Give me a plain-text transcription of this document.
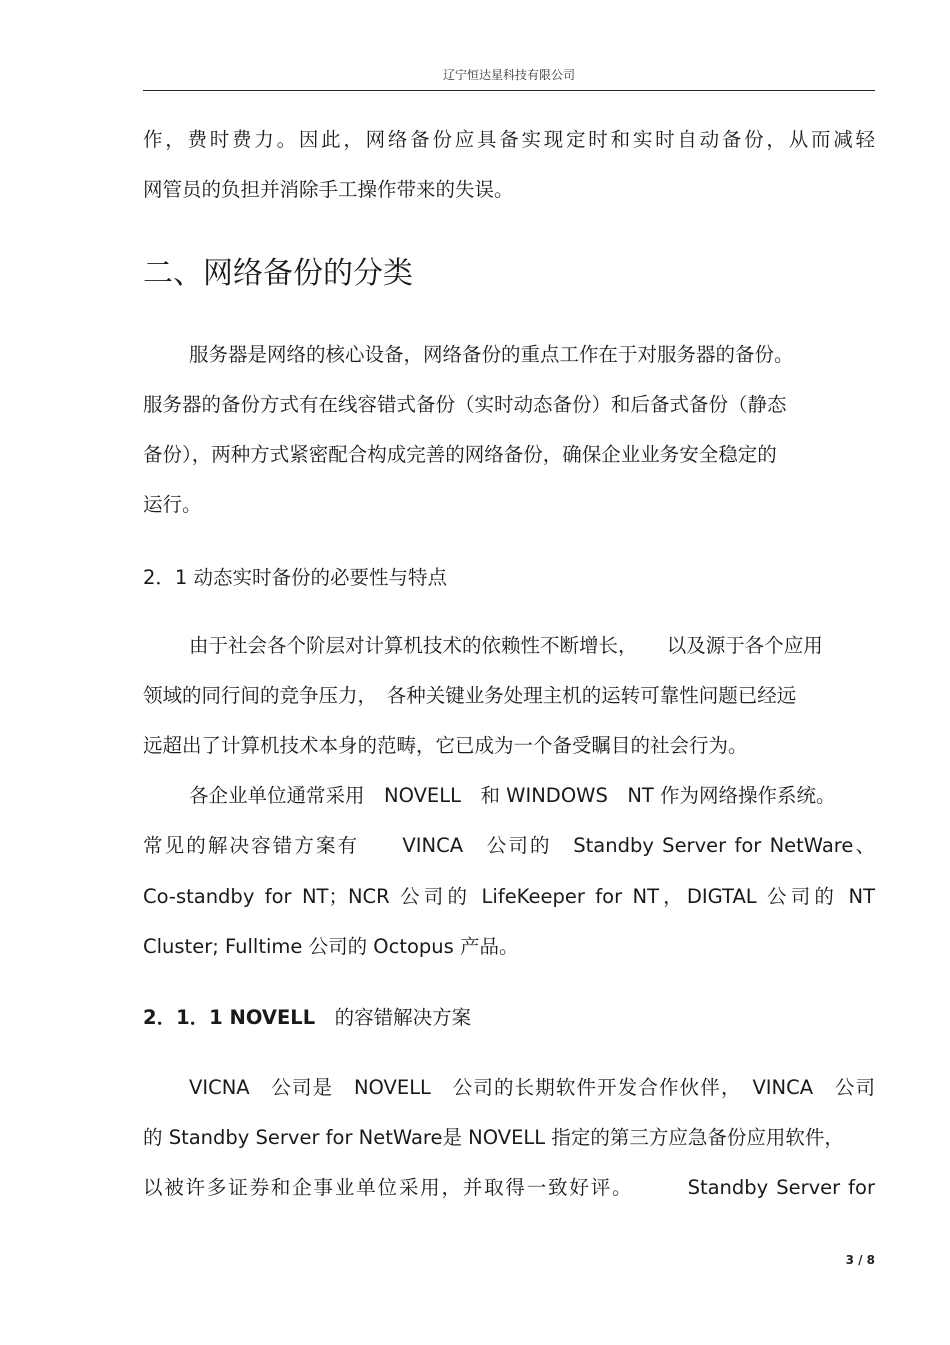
辽宁恒达星科技有限公司
作，费时费力。因此，网络备份应具备实现定时和实时自动备份，从而减轻
网管员的负担并消除手工操作带来的失误。
二、网络备份的分类
服务器是网络的核心设备，网络备份的重点工作在于对服务器的备份。
服务器的备份方式有在线容错式备份（实时动态备份）和后备式备份（静态
备份），两种方式紧密配合构成完善的网络备份，确保企业业务安全稳定的
运行。
2．1 动态实时备份的必要性与特点
由于社会各个阶层对计算机技术的依赖性不断增长，　　以及源于各个应用
领域的同行间的竞争压力，　各种关键业务处理主机的运转可靠性问题已经远
远超出了计算机技术本身的范畴，它已成为一个备受瞩目的社会行为。
各企业单位通常采用　NOVELL　和 WINDOWS　NT 作为网络操作系统。
常见的解决容错方案有　　VINCA　公司的　Standby Server for NetWare、
Co-standby for NT；NCR 公司的 LifeKeeper for NT，DIGTAL 公司的 NT
Cluster; Fulltime 公司的 Octopus 产品。
2．1．1 NOVELL　 的容错解决方案
VICNA　公司是　NOVELL　公司的长期软件开发合作伙伴，　VINCA　公司
的 Standby Server for NetWare是 NOVELL 指定的第三方应急备份应用软件，
以被许多证券和企事业单位采用，并取得一致好评。　　　Standby Server for
3 / 8
